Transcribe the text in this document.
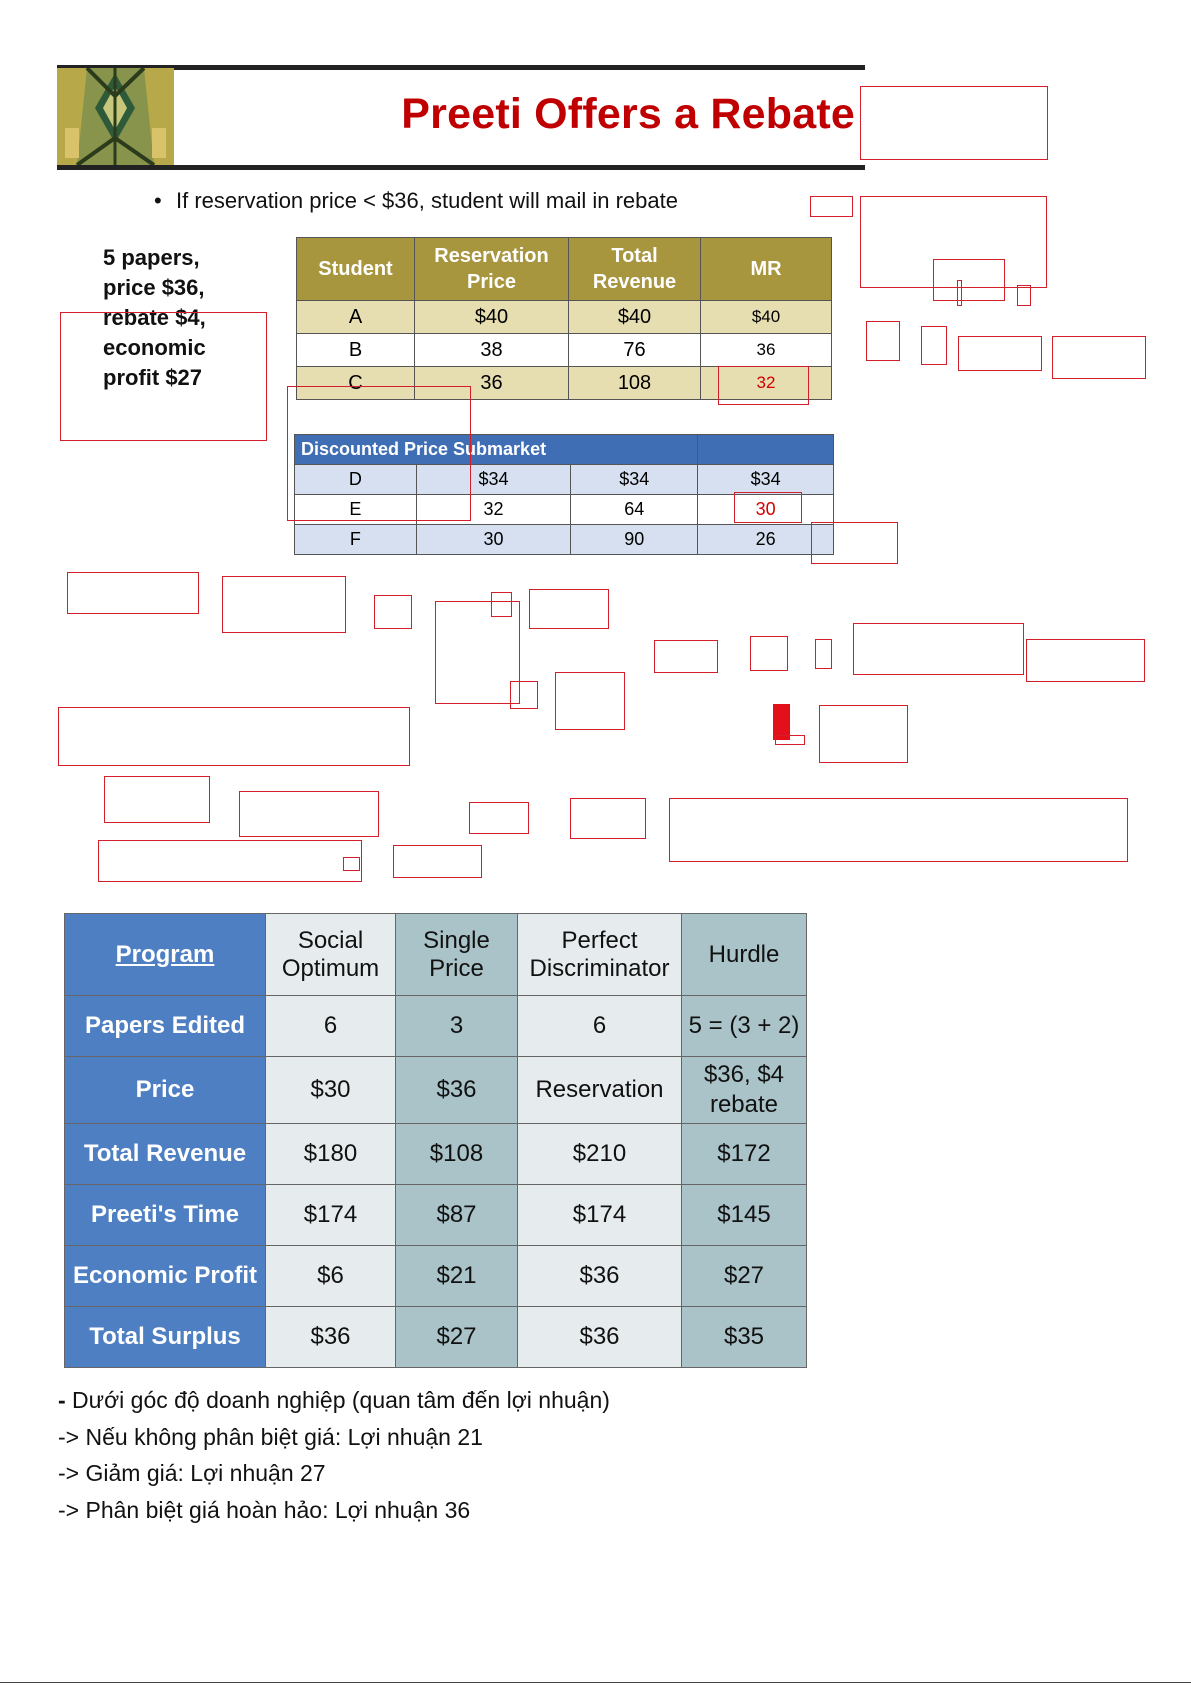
Preeti Offers a Rebate
• If reservation price < $36, student will mail in rebate
5 papers,
price $36,
rebate $4,
economic
profit $27
Student	Reservation Price	Total Revenue	MR
A	$40	$40	$40
B	38	76	36
C	36	108	32
Discounted Price Submarket			
D	$34	$34	$34
E	32	64	30
F	30	90	26
Program	Social Optimum	Single Price	Perfect Discriminator	Hurdle
Papers Edited	6	3	6	5 = (3 + 2)
Price	$30	$36	Reservation	$36, $4 rebate
Total Revenue	$180	$108	$210	$172
Preeti's Time	$174	$87	$174	$145
Economic Profit	$6	$21	$36	$27
Total Surplus	$36	$27	$36	$35
- Dưới góc độ doanh nghiệp (quan tâm đến lợi nhuận)
-> Nếu không phân biệt giá: Lợi nhuận 21
-> Giảm giá: Lợi nhuận 27
-> Phân biệt giá hoàn hảo: Lợi nhuận 36
